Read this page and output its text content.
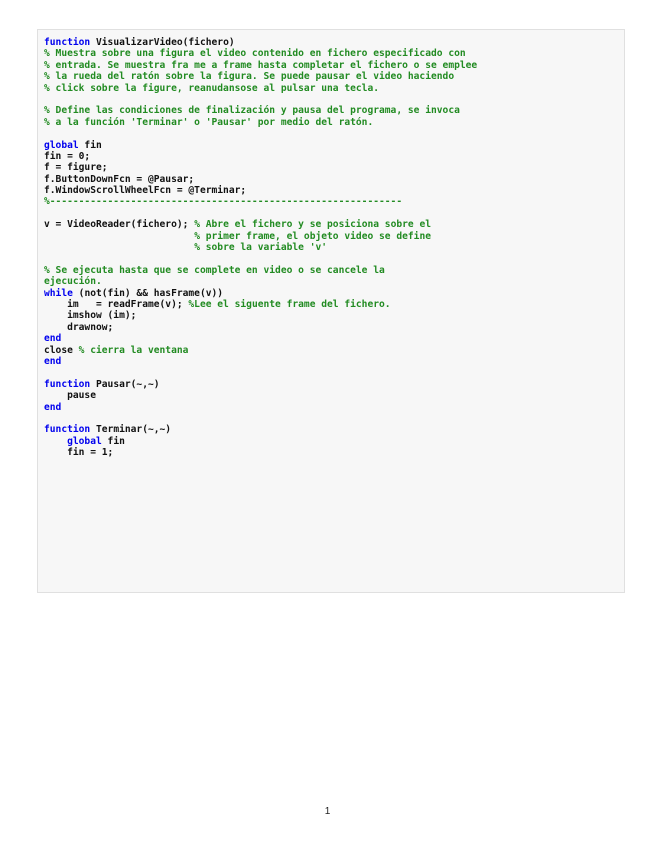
function VisualizarVideo(fichero)
% Muestra sobre una figura el video contenido en fichero especificado con
% entrada. Se muestra fra me a frame hasta completar el fichero o se emplee
% la rueda del ratón sobre la figura. Se puede pausar el video haciendo
% click sobre la figure, reanudansose al pulsar una tecla.

% Define las condiciones de finalización y pausa del programa, se invoca
% a la función 'Terminar' o 'Pausar' por medio del ratón.

global fin
fin = 0;
f = figure;
f.ButtonDownFcn = @Pausar;
f.WindowScrollWheelFcn = @Terminar;
%-------------------------------------------------------------

v = VideoReader(fichero); % Abre el fichero y se posiciona sobre el
% primer frame, el objeto video se define
% sobre la variable 'v'

% Se ejecuta hasta que se complete en video o se cancele la
ejecución.
while (not(fin) && hasFrame(v))
im   = readFrame(v); %Lee el siguente frame del fichero.
imshow (im);
drawnow;
end
close % cierra la ventana
end

function Pausar(~,~)
pause
end

function Terminar(~,~)
global fin
fin = 1;
1
